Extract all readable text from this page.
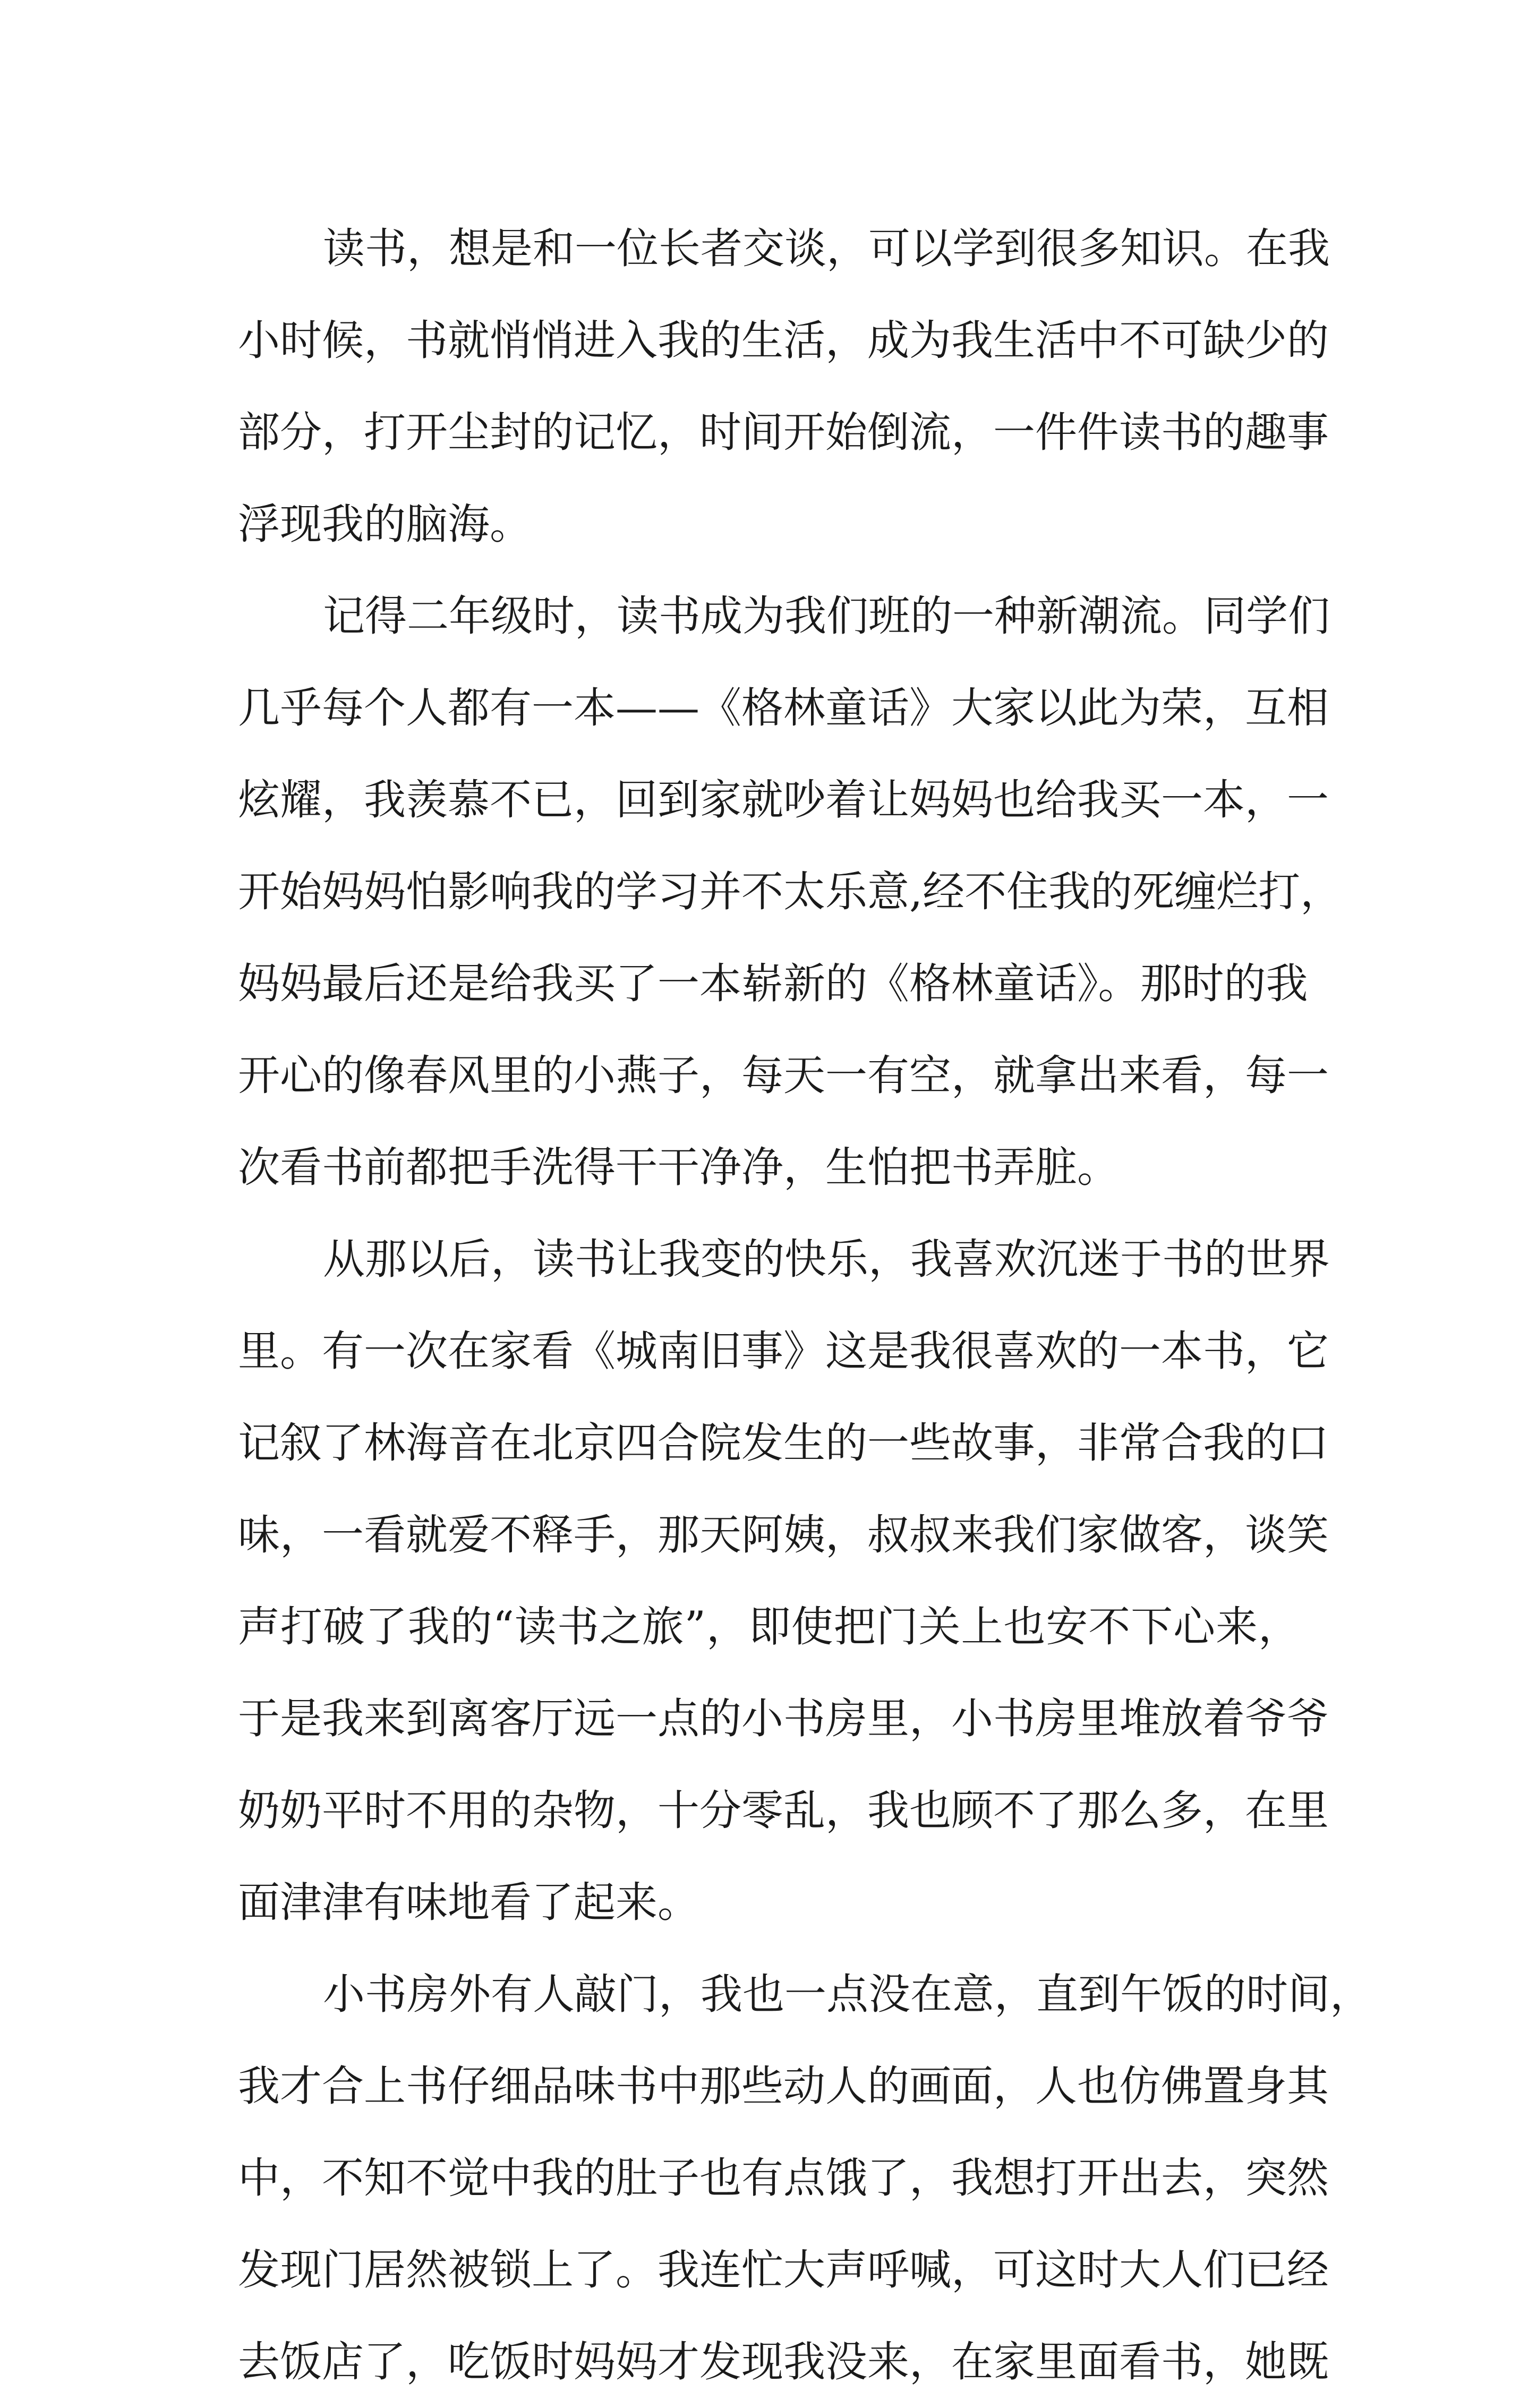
读书，想是和一位长者交谈，可以学到很多知识。在我
小时候，书就悄悄进入我的生活，成为我生活中不可缺少的
部分，打开尘封的记忆，时间开始倒流，一件件读书的趣事
浮现我的脑海。
记得二年级时，读书成为我们班的一种新潮流。同学们
几乎每个人都有一本——《格林童话》大家以此为荣，互相
炫耀，我羡慕不已，回到家就吵着让妈妈也给我买一本，一
开始妈妈怕影响我的学习并不太乐意,经不住我的死缠烂打，
妈妈最后还是给我买了一本崭新的《格林童话》。那时的我
开心的像春风里的小燕子，每天一有空，就拿出来看，每一
次看书前都把手洗得干干净净，生怕把书弄脏。
从那以后，读书让我变的快乐，我喜欢沉迷于书的世界
里。有一次在家看《城南旧事》这是我很喜欢的一本书，它
记叙了林海音在北京四合院发生的一些故事，非常合我的口
味，一看就爱不释手，那天阿姨，叔叔来我们家做客，谈笑
声打破了我的“读书之旅”，即使把门关上也安不下心来，
于是我来到离客厅远一点的小书房里，小书房里堆放着爷爷
奶奶平时不用的杂物，十分零乱，我也顾不了那么多，在里
面津津有味地看了起来。
小书房外有人敲门，我也一点没在意，直到午饭的时间，
我才合上书仔细品味书中那些动人的画面，人也仿佛置身其
中，不知不觉中我的肚子也有点饿了，我想打开出去，突然
发现门居然被锁上了。我连忙大声呼喊，可这时大人们已经
去饭店了，吃饭时妈妈才发现我没来，在家里面看书，她既
